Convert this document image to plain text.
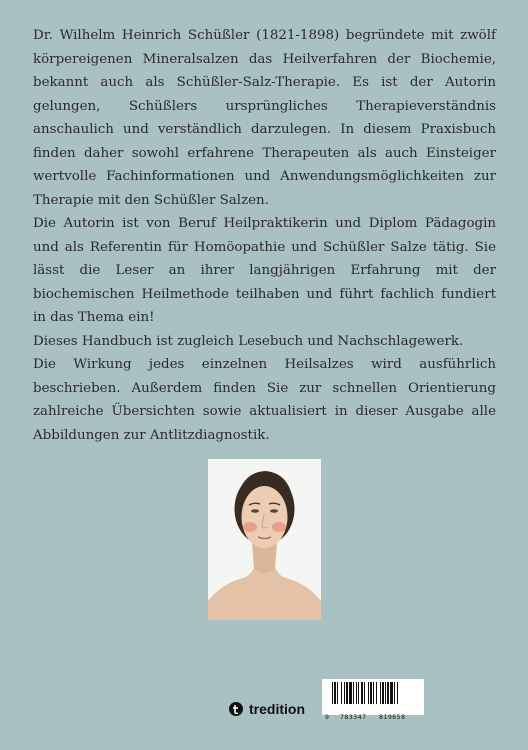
Dr. Wilhelm Heinrich Schüßler (1821-1898) begründete mit zwölf körpereigenen Mineralsalzen das Heilverfahren der Biochemie, bekannt auch als Schüßler-Salz-Therapie. Es ist der Autorin gelungen, Schüßlers ursprüngliches Therapieverständnis anschaulich und verständlich darzulegen. In diesem Praxisbuch finden daher sowohl erfahrene Therapeuten als auch Einsteiger wertvolle Fachinformationen und Anwendungsmöglichkeiten zur Therapie mit den Schüßler Salzen.

Die Autorin ist von Beruf Heilpraktikerin und Diplom Pädagogin und als Referentin für Homöopathie und Schüßler Salze tätig. Sie lässt die Leser an ihrer langjährigen Erfahrung mit der biochemischen Heilmethode teilhaben und führt fachlich fundiert in das Thema ein!

Dieses Handbuch ist zugleich Lesebuch und Nachschlagewerk.

Die Wirkung jedes einzelnen Heilsalzes wird ausführlich beschrieben. Außerdem finden Sie zur schnellen Orientierung zahlreiche Übersichten sowie aktualisiert in dieser Ausgabe alle Abbildungen zur Antlitzdiagnostik.

tredition	9 783347 819658
